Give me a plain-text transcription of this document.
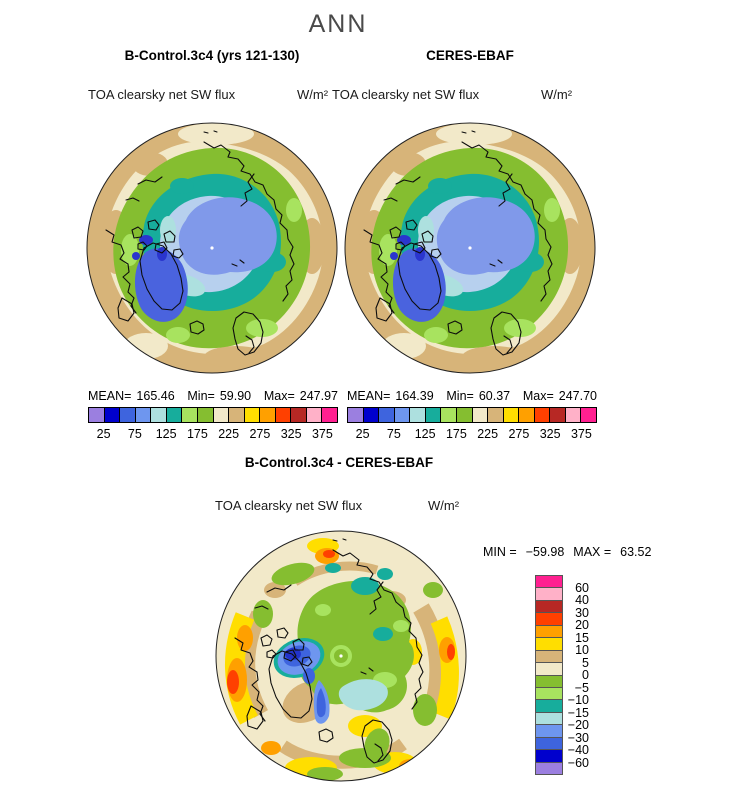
ANN
B-Control.3c4 (yrs 121-130)	CERES-EBAF
TOA clearsky net SW flux	W/m² TOA clearsky net SW flux	W/m²
MEAN= 165.46 Min= 59.90 Max= 247.97 MEAN= 164.39 Min= 60.37 Max= 247.70
25 75 125 175 225 275 325 375 25 75 125 175 225 275 325 375
B-Control.3c4 - CERES-EBAF
TOA clearsky net SW flux	W/m²
MIN = −59.98 MAX = 63.52
60
40
30
20
15
10
5
0
−5
−10
−15
−20
−30
−40
−60
